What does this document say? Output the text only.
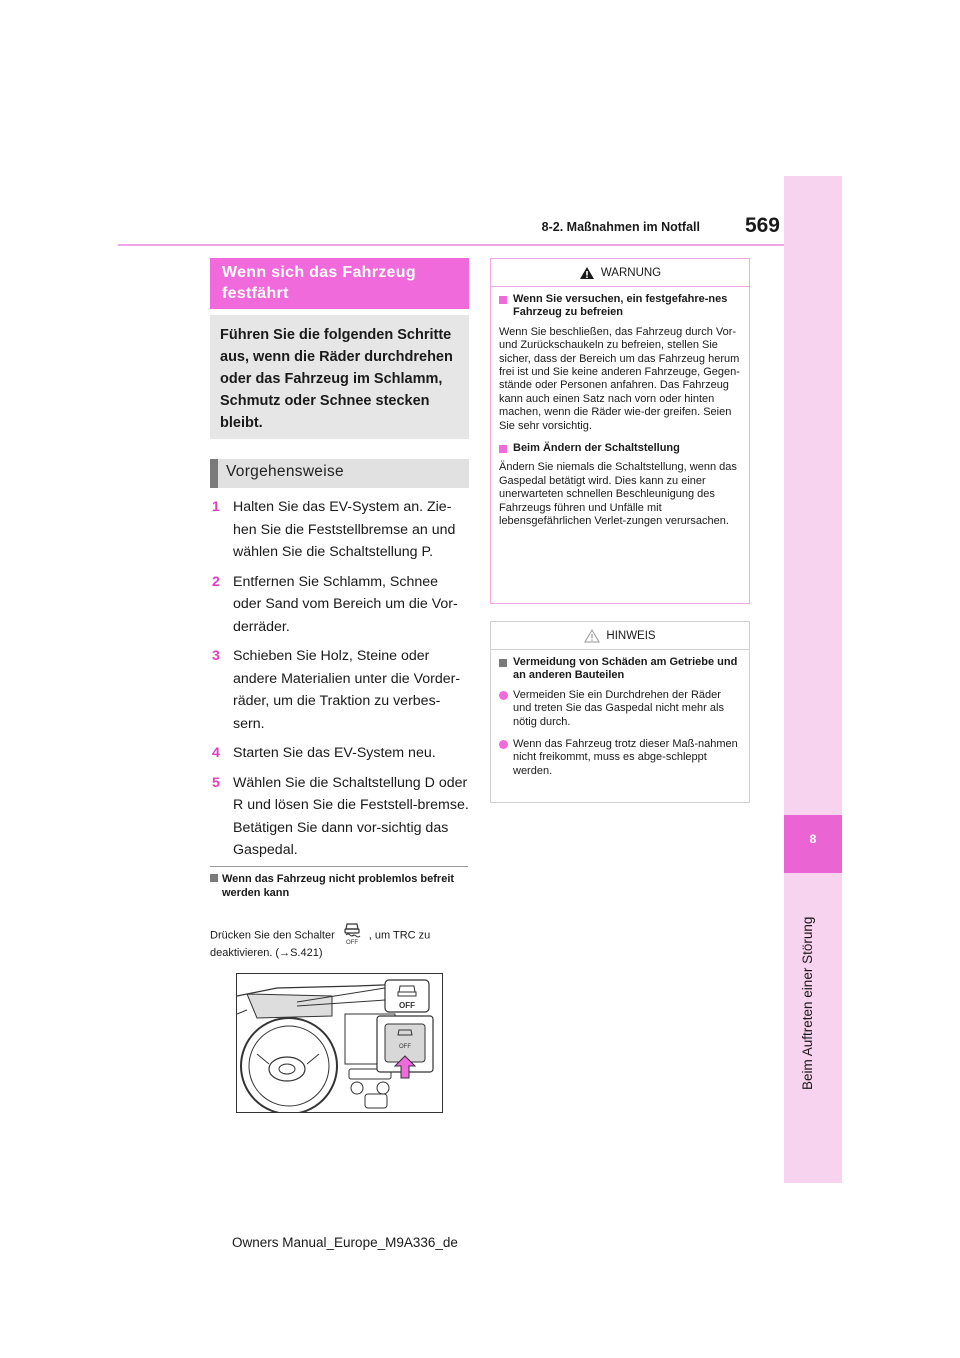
569
8-2. Maßnahmen im Notfall
8
Beim Auftreten einer Störung
Wenn sich das Fahrzeug festfährt
Führen Sie die folgenden Schritte aus, wenn die Räder durchdrehen oder das Fahrzeug im Schlamm, Schmutz oder Schnee stecken bleibt.
Vorgehensweise
1 Halten Sie das EV-System an. Zie-hen Sie die Feststellbremse an und wählen Sie die Schaltstellung P.
2 Entfernen Sie Schlamm, Schnee oder Sand vom Bereich um die Vor-derräder.
3 Schieben Sie Holz, Steine oder andere Materialien unter die Vorder-räder, um die Traktion zu verbes-sern.
4 Starten Sie das EV-System neu.
5 Wählen Sie die Schaltstellung D oder R und lösen Sie die Feststell-bremse. Betätigen Sie dann vor-sichtig das Gaspedal.
Wenn das Fahrzeug nicht problemlos befreit werden kann
Drücken Sie den Schalter
OFF
, um TRC zu
deaktivieren. (→S.421)
OFF
OFF
WARNUNG
Wenn Sie versuchen, ein festgefahre-nes Fahrzeug zu befreien
Wenn Sie beschließen, das Fahrzeug durch Vor- und Zurückschaukeln zu befreien, stellen Sie sicher, dass der Bereich um das Fahrzeug herum frei ist und Sie keine anderen Fahrzeuge, Gegen-stände oder Personen anfahren. Das Fahrzeug kann auch einen Satz nach vorn oder hinten machen, wenn die Räder wie-der greifen. Seien Sie sehr vorsichtig.
Beim Ändern der Schaltstellung
Ändern Sie niemals die Schaltstellung, wenn das Gaspedal betätigt wird. Dies kann zu einer unerwarteten schnellen Beschleunigung des Fahrzeugs führen und Unfälle mit lebensgefährlichen Verlet-zungen verursachen.
HINWEIS
Vermeidung von Schäden am Getriebe und an anderen Bauteilen
Vermeiden Sie ein Durchdrehen der Räder und treten Sie das Gaspedal nicht mehr als nötig durch.
Wenn das Fahrzeug trotz dieser Maß-nahmen nicht freikommt, muss es abge-schleppt werden.
Owners Manual_Europe_M9A336_de
